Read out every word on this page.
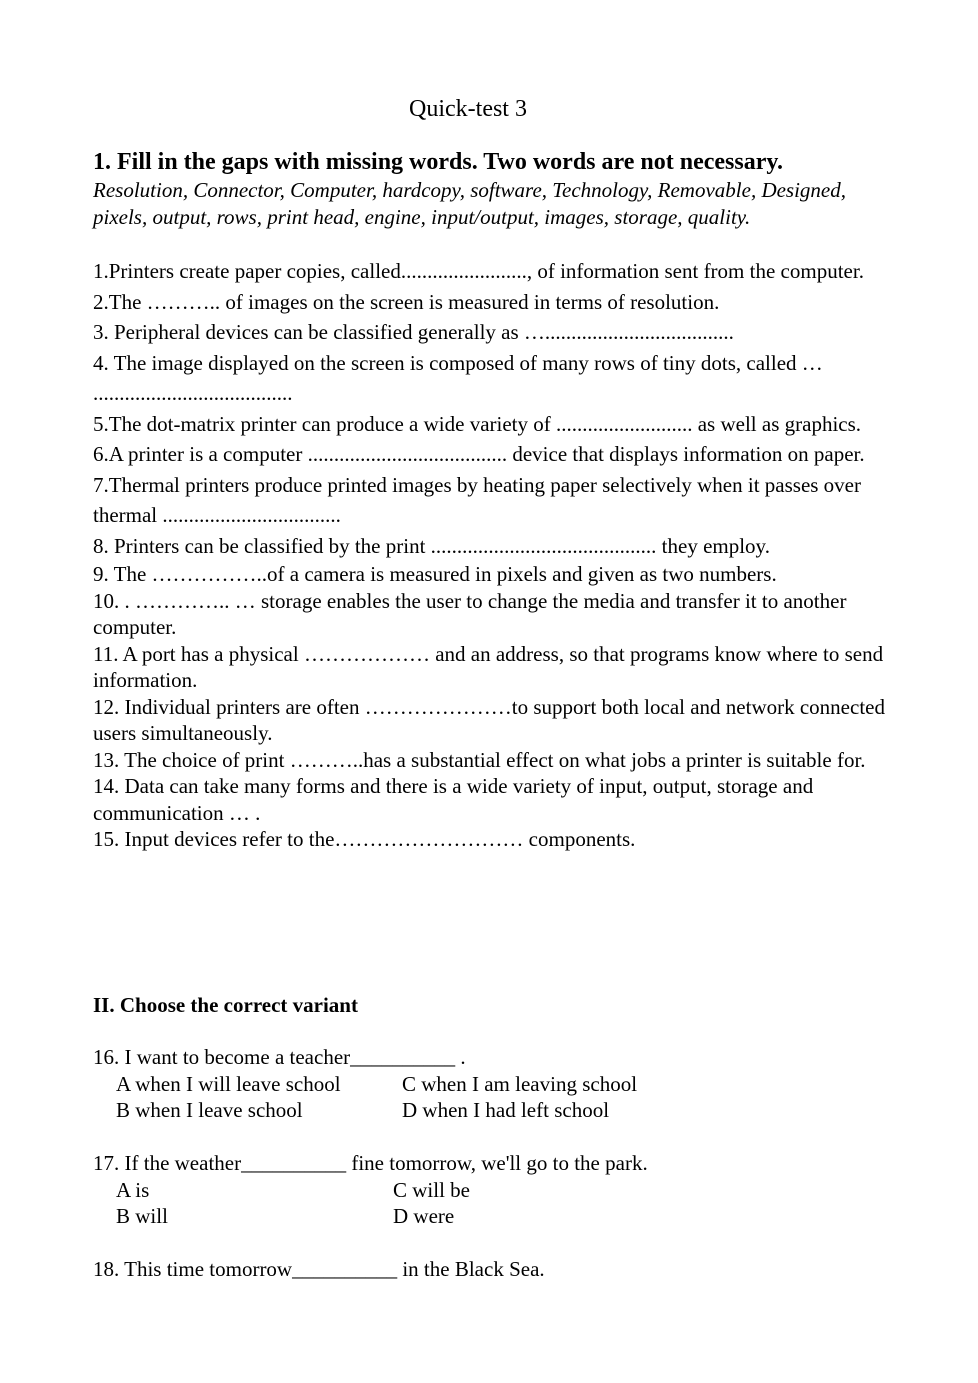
Quick-test 3
1. Fill in the gaps with missing words. Two words are not necessary.
Resolution, Connector, Computer, hardcopy, software, Technology, Removable, Designed, pixels, output, rows, print head, engine, input/output, images, storage, quality.

1.Printers create paper copies, called........................, of information sent from the computer.

2.The ……….. of images on the screen is measured in terms of resolution.

3. Peripheral devices can be classified generally as …....................................

4. The image displayed on the screen is composed of many rows of tiny dots, called … ......................................

5.The dot-matrix printer can produce a wide variety of .......................... as well as graphics.

6.A printer is a computer ...................................... device that displays information on paper.

7.Thermal printers produce printed images by heating paper selectively when it passes over thermal ..................................

8. Printers can be classified by the print ........................................... they employ.

9. The ……………..of a camera is measured in pixels and given as two numbers.

10. . ………….. … storage enables the user to change the media and transfer it to another computer.

11. A port has a physical ……………… and an address, so that programs know where to send information.

12. Individual printers are often …………………to support both local and network connected users simultaneously.

13. The choice of print ………..has a substantial effect on what jobs a printer is suitable for.

14. Data can take many forms and there is a wide variety of input, output, storage and communication … .

15. Input devices refer to the……………………… components.

II. Choose the correct variant

16. I want to become a teacher__________ .

A when I will leave school	C when I am leaving school
B when I leave school	D when I had left school

17. If the weather__________ fine tomorrow, we'll go to the park.

A is	C will be
B will	D were

18. This time tomorrow__________ in the Black Sea.
